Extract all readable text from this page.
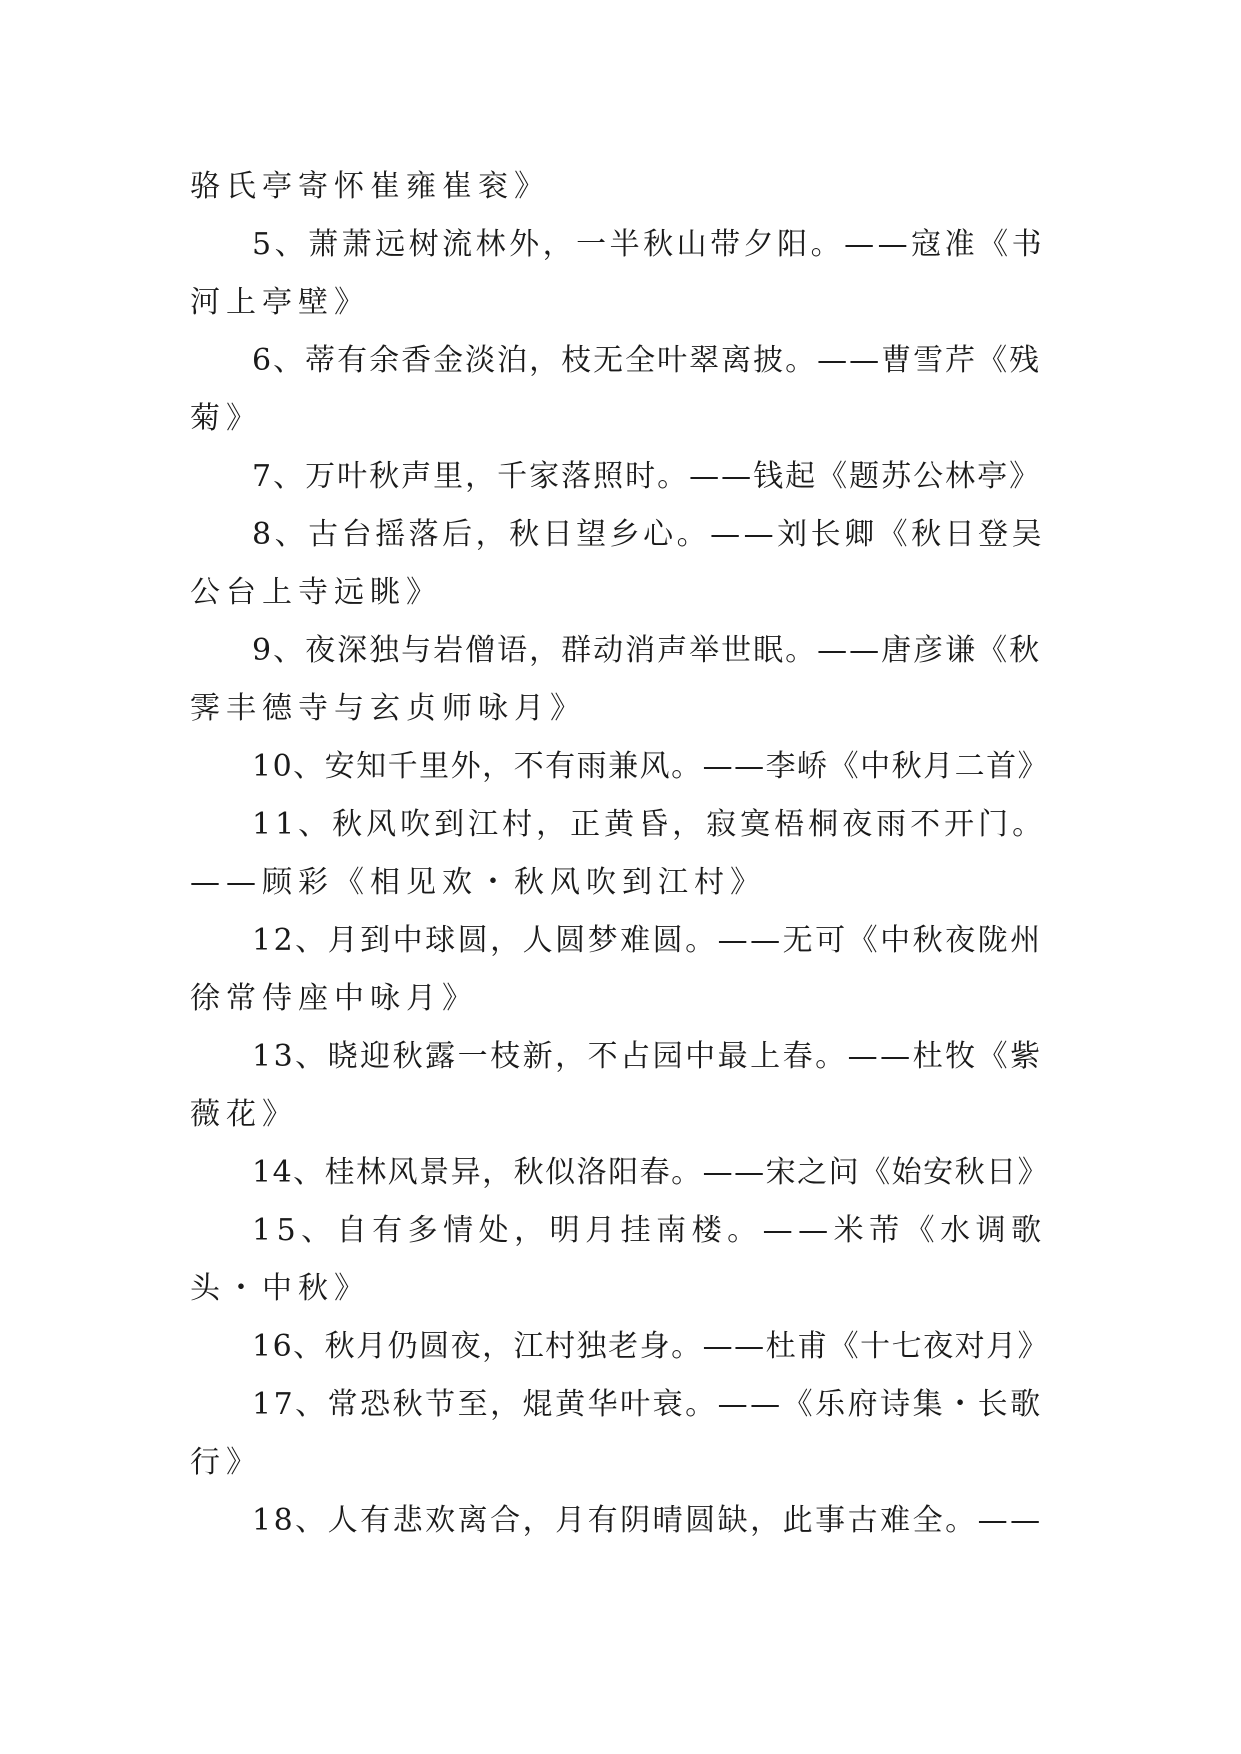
骆氏亭寄怀崔雍崔衮》
5、萧萧远树流林外，一半秋山带夕阳。——寇准《书
河上亭壁》
6、蒂有余香金淡泊，枝无全叶翠离披。——曹雪芹《残
菊》
7、万叶秋声里，千家落照时。——钱起《题苏公林亭》
8、古台摇落后，秋日望乡心。——刘长卿《秋日登吴
公台上寺远眺》
9、夜深独与岩僧语，群动消声举世眠。——唐彦谦《秋
霁丰德寺与玄贞师咏月》
10、安知千里外，不有雨兼风。——李峤《中秋月二首》
11、秋风吹到江村，正黄昏，寂寞梧桐夜雨不开门。
——顾彩《相见欢・秋风吹到江村》
12、月到中球圆，人圆梦难圆。——无可《中秋夜陇州
徐常侍座中咏月》
13、晓迎秋露一枝新，不占园中最上春。——杜牧《紫
薇花》
14、桂林风景异，秋似洛阳春。——宋之问《始安秋日》
15、自有多情处，明月挂南楼。——米芾《水调歌
头・中秋》
16、秋月仍圆夜，江村独老身。——杜甫《十七夜对月》
17、常恐秋节至，焜黄华叶衰。——《乐府诗集・长歌
行》
18、人有悲欢离合，月有阴晴圆缺，此事古难全。——
